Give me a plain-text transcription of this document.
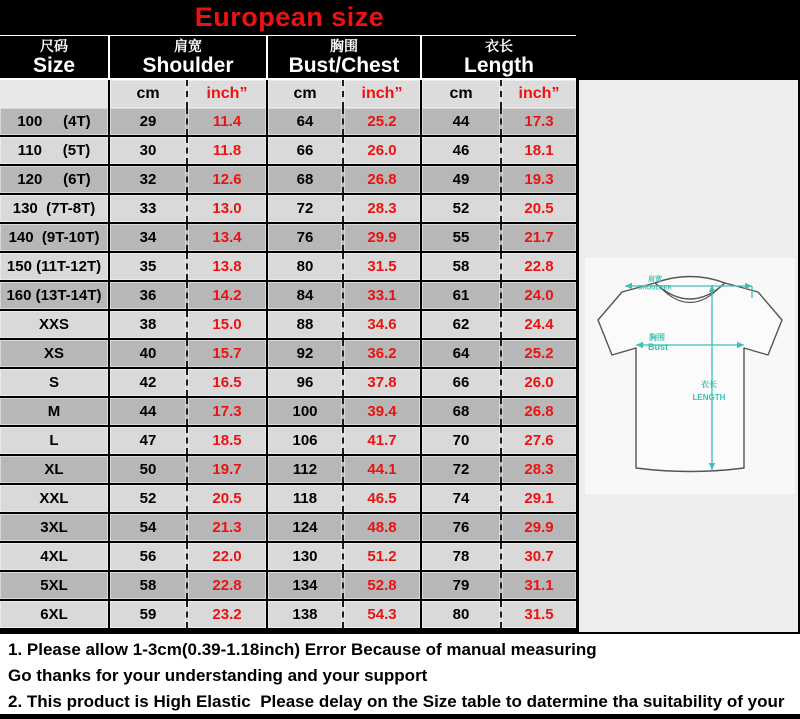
European size
尺码
Size
肩宽
Shoulder
胸围
Bust/Chest
衣长
Length
cm	inch”	cm	inch”	cm	inch”
100     (4T)	29	11.4	64	25.2	44	17.3
110     (5T)	30	11.8	66	26.0	46	18.1
120     (6T)	32	12.6	68	26.8	49	19.3
130  (7T-8T)	33	13.0	72	28.3	52	20.5
140  (9T-10T)	34	13.4	76	29.9	55	21.7
150 (11T-12T)	35	13.8	80	31.5	58	22.8
160 (13T-14T)	36	14.2	84	33.1	61	24.0
XXS	38	15.0	88	34.6	62	24.4
XS	40	15.7	92	36.2	64	25.2
S	42	16.5	96	37.8	66	26.0
M	44	17.3	100	39.4	68	26.8
L	47	18.5	106	41.7	70	27.6
XL	50	19.7	112	44.1	72	28.3
XXL	52	20.5	118	46.5	74	29.1
3XL	54	21.3	124	48.8	76	29.9
4XL	56	22.0	130	51.2	78	30.7
5XL	58	22.8	134	52.8	79	31.1
6XL	59	23.2	138	54.3	80	31.5
肩宽
SHOULDER
胸围
Bust
衣长
LENGTH
1. Please allow 1-3cm(0.39-1.18inch) Error Because of manual measuring
Go thanks for your understanding and your support
2. This product is High Elastic  Please delay on the Size table to datermine tha suitability of your
